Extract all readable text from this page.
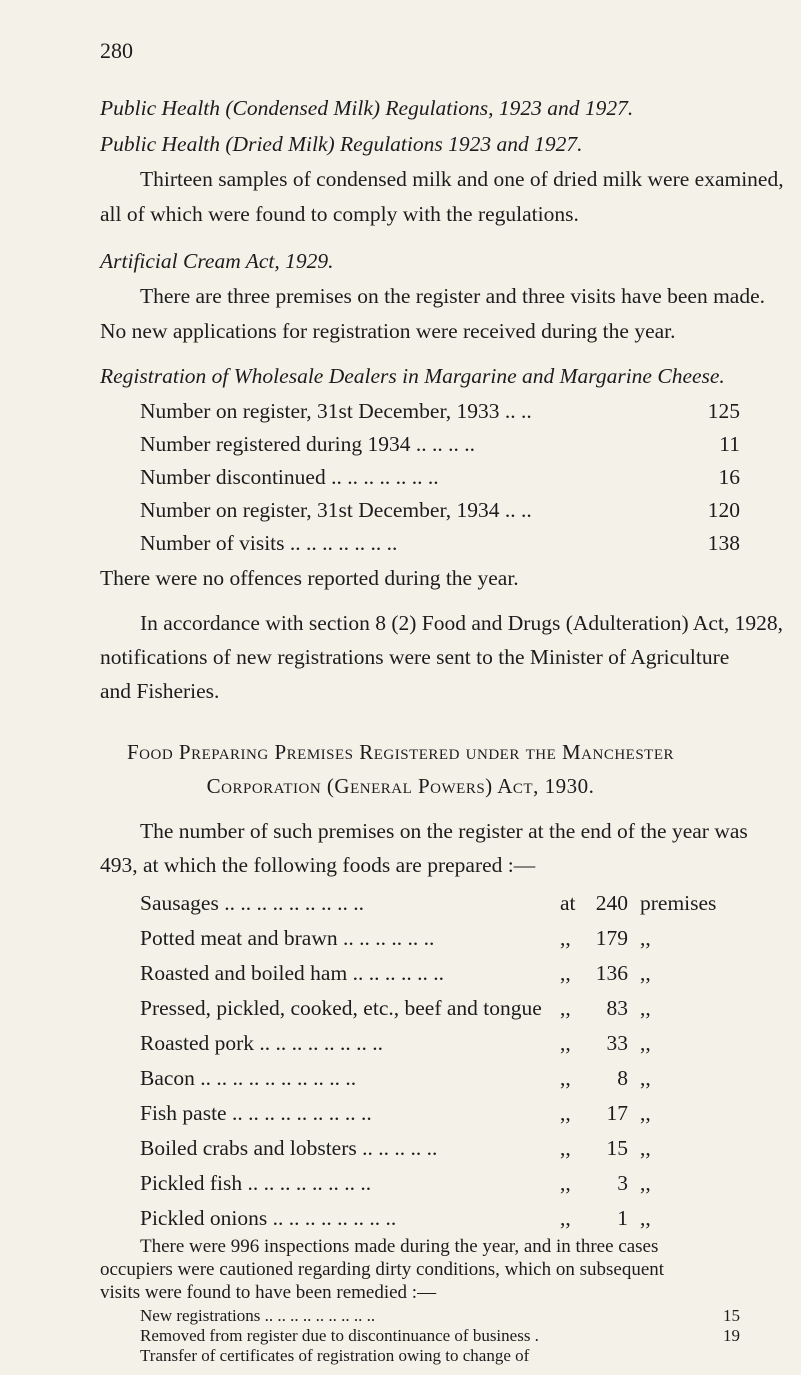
280
Public Health (Condensed Milk) Regulations, 1923 and 1927.
Public Health (Dried Milk) Regulations 1923 and 1927.
Thirteen samples of condensed milk and one of dried milk were examined,
all of which were found to comply with the regulations.
Artificial Cream Act, 1929.
There are three premises on the register and three visits have been made.
No new applications for registration were received during the year.
Registration of Wholesale Dealers in Margarine and Margarine Cheese.
Number on register, 31st December, 1933 .. ..	125
Number registered during 1934 .. .. .. ..	11
Number discontinued .. .. .. .. .. .. ..	16
Number on register, 31st December, 1934 .. ..	120
Number of visits .. .. .. .. .. .. ..	138
There were no offences reported during the year.
In accordance with section 8 (2) Food and Drugs (Adulteration) Act, 1928,
notifications of new registrations were sent to the Minister of Agriculture
and Fisheries.
Food Preparing Premises Registered under the Manchester
Corporation (General Powers) Act, 1930.
The number of such premises on the register at the end of the year was
493, at which the following foods are prepared :—
Sausages .. .. .. .. .. .. .. .. ..	at 240 premises
Potted meat and brawn .. .. .. .. .. ..	,,	179 ,,
Roasted and boiled ham .. .. .. .. .. ..	,,	136 ,,
Pressed, pickled, cooked, etc., beef and tongue ,,	83 ,,
Roasted pork .. .. .. .. .. .. .. ..	,,	33 ,,
Bacon .. .. .. .. .. .. .. .. .. ..	,,	8 ,,
Fish paste .. .. .. .. .. .. .. .. ..	,,	17 ,,
Boiled crabs and lobsters .. .. .. .. ..	,,	15 ,,
Pickled fish .. .. .. .. .. .. .. ..	,,	3 ,,
Pickled onions .. .. .. .. .. .. .. ..	,,	1 ,,
There were 996 inspections made during the year, and in three cases
occupiers were cautioned regarding dirty conditions, which on subsequent
visits were found to have been remedied :—
New registrations .. .. .. .. .. .. .. .. ..	15
Removed from register due to discontinuance of business .	19
Transfer of certificates of registration owing to change of
